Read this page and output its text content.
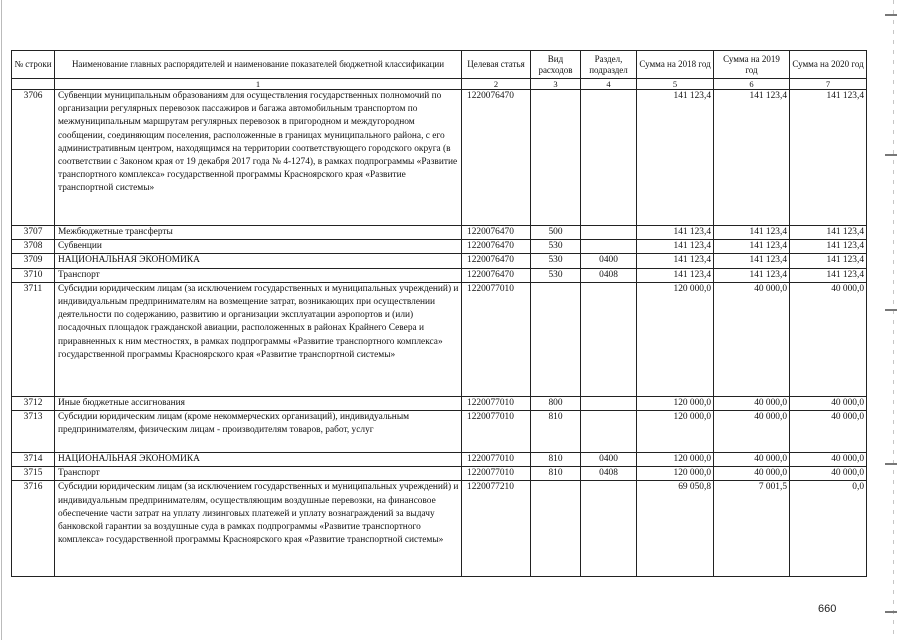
№ строки	Наименование главных распорядителей и наименование показателей бюджетной классификации	Целевая статья	Вид расходов	Раздел, подраздел	Сумма на 2018 год	Сумма на 2019 год	Сумма на 2020 год
	1	2	3	4	5	6	7
3706	Субвенции муниципальным образованиям для осуществления государственных полномочий по организации регулярных перевозок пассажиров и багажа автомобильным транспортом по межмуниципальным маршрутам регулярных перевозок в пригородном и междугородном сообщении, соединяющим поселения, расположенные в границах муниципального района, с его административным центром, находящимся на территории соответствующего городского округа (в соответствии с Законом края от 19 декабря 2017 года № 4-1274), в рамках подпрограммы «Развитие транспортного комплекса» государственной программы Красноярского края «Развитие транспортной системы»	1220076470			141 123,4	141 123,4	141 123,4
3707	Межбюджетные трансферты	1220076470	500		141 123,4	141 123,4	141 123,4
3708	Субвенции	1220076470	530		141 123,4	141 123,4	141 123,4
3709	НАЦИОНАЛЬНАЯ ЭКОНОМИКА	1220076470	530	0400	141 123,4	141 123,4	141 123,4
3710	Транспорт	1220076470	530	0408	141 123,4	141 123,4	141 123,4
3711	Субсидии юридическим лицам (за исключением государственных и муниципальных учреждений) и индивидуальным предпринимателям на возмещение затрат, возникающих при осуществлении деятельности по содержанию, развитию и организации эксплуатации аэропортов и (или) посадочных площадок гражданской авиации, расположенных в районах Крайнего Севера и приравненных к ним местностях, в рамках подпрограммы «Развитие транспортного комплекса» государственной программы Красноярского края «Развитие транспортной системы»	1220077010			120 000,0	40 000,0	40 000,0
3712	Иные бюджетные ассигнования	1220077010	800		120 000,0	40 000,0	40 000,0
3713	Субсидии юридическим лицам (кроме некоммерческих организаций), индивидуальным предпринимателям, физическим лицам - производителям товаров, работ, услуг	1220077010	810		120 000,0	40 000,0	40 000,0
3714	НАЦИОНАЛЬНАЯ ЭКОНОМИКА	1220077010	810	0400	120 000,0	40 000,0	40 000,0
3715	Транспорт	1220077010	810	0408	120 000,0	40 000,0	40 000,0
3716	Субсидии юридическим лицам (за исключением государственных и муниципальных учреждений) и индивидуальным предпринимателям, осуществляющим воздушные перевозки, на финансовое обеспечение части затрат на уплату лизинговых платежей и уплату вознаграждений за выдачу банковской гарантии за воздушные суда в рамках подпрограммы «Развитие транспортного комплекса» государственной программы Красноярского края «Развитие транспортной системы»	1220077210			69 050,8	7 001,5	0,0
660
